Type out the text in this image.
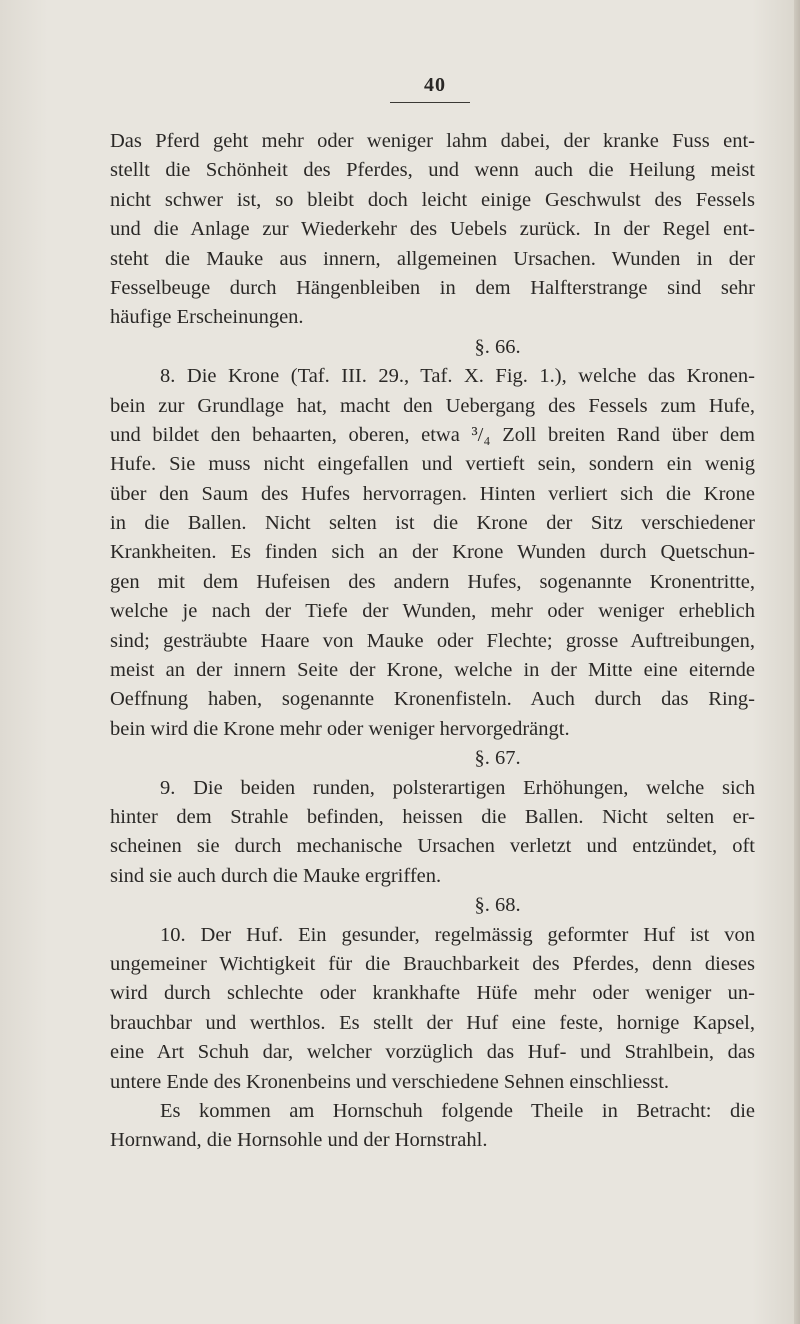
40
Das Pferd geht mehr oder weniger lahm dabei, der kranke Fuss ent-
stellt die Schönheit des Pferdes, und wenn auch die Heilung meist
nicht schwer ist, so bleibt doch leicht einige Geschwulst des Fessels
und die Anlage zur Wiederkehr des Uebels zurück. In der Regel ent-
steht die Mauke aus innern, allgemeinen Ursachen. Wunden in der
Fesselbeuge durch Hängenbleiben in dem Halfterstrange sind sehr
häufige Erscheinungen.
§. 66.
8. Die Krone (Taf. III. 29., Taf. X. Fig. 1.), welche das Kronen-
bein zur Grundlage hat, macht den Uebergang des Fessels zum Hufe,
und bildet den behaarten, oberen, etwa ³/₄ Zoll breiten Rand über dem
Hufe. Sie muss nicht eingefallen und vertieft sein, sondern ein wenig
über den Saum des Hufes hervorragen. Hinten verliert sich die Krone
in die Ballen. Nicht selten ist die Krone der Sitz verschiedener
Krankheiten. Es finden sich an der Krone Wunden durch Quetschun-
gen mit dem Hufeisen des andern Hufes, sogenannte Kronentritte,
welche je nach der Tiefe der Wunden, mehr oder weniger erheblich
sind; gesträubte Haare von Mauke oder Flechte; grosse Auftreibungen,
meist an der innern Seite der Krone, welche in der Mitte eine eiternde
Oeffnung haben, sogenannte Kronenfisteln. Auch durch das Ring-
bein wird die Krone mehr oder weniger hervorgedrängt.
§. 67.
9. Die beiden runden, polsterartigen Erhöhungen, welche sich
hinter dem Strahle befinden, heissen die Ballen. Nicht selten er-
scheinen sie durch mechanische Ursachen verletzt und entzündet, oft
sind sie auch durch die Mauke ergriffen.
§. 68.
10. Der Huf. Ein gesunder, regelmässig geformter Huf ist von
ungemeiner Wichtigkeit für die Brauchbarkeit des Pferdes, denn dieses
wird durch schlechte oder krankhafte Hüfe mehr oder weniger un-
brauchbar und werthlos. Es stellt der Huf eine feste, hornige Kapsel,
eine Art Schuh dar, welcher vorzüglich das Huf- und Strahlbein, das
untere Ende des Kronenbeins und verschiedene Sehnen einschliesst.
Es kommen am Hornschuh folgende Theile in Betracht: die
Hornwand, die Hornsohle und der Hornstrahl.
